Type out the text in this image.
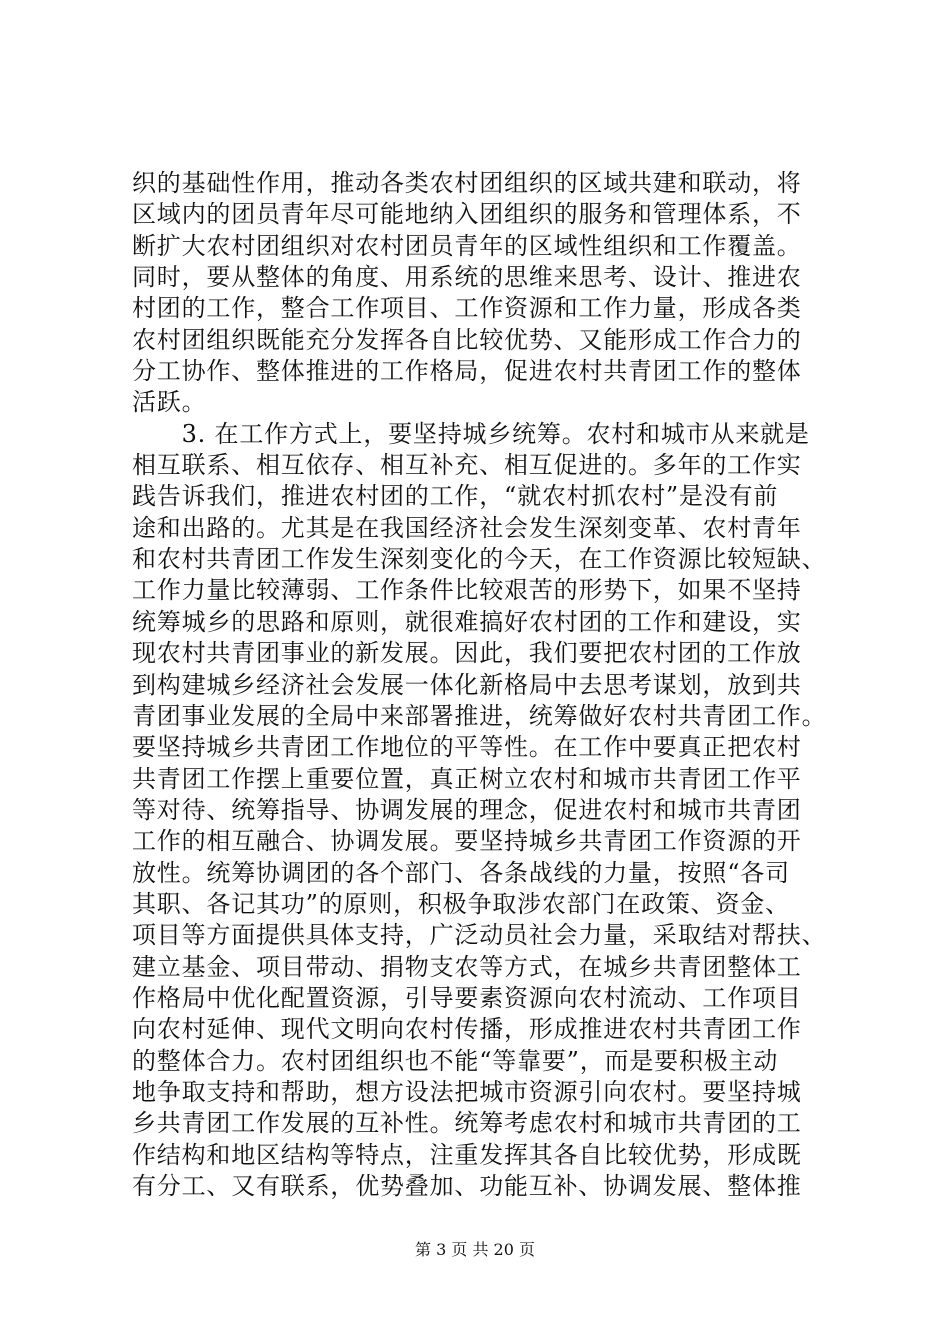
织的基础性作用，推动各类农村团组织的区域共建和联动，将
区域内的团员青年尽可能地纳入团组织的服务和管理体系，不
断扩大农村团组织对农村团员青年的区域性组织和工作覆盖。
同时，要从整体的角度、用系统的思维来思考、设计、推进农
村团的工作，整合工作项目、工作资源和工作力量，形成各类
农村团组织既能充分发挥各自比较优势、又能形成工作合力的
分工协作、整体推进的工作格局，促进农村共青团工作的整体
活跃。
　　3. 在工作方式上，要坚持城乡统筹。农村和城市从来就是
相互联系、相互依存、相互补充、相互促进的。多年的工作实
践告诉我们，推进农村团的工作，“就农村抓农村”是没有前
途和出路的。尤其是在我国经济社会发生深刻变革、农村青年
和农村共青团工作发生深刻变化的今天，在工作资源比较短缺、
工作力量比较薄弱、工作条件比较艰苦的形势下，如果不坚持
统筹城乡的思路和原则，就很难搞好农村团的工作和建设，实
现农村共青团事业的新发展。因此，我们要把农村团的工作放
到构建城乡经济社会发展一体化新格局中去思考谋划，放到共
青团事业发展的全局中来部署推进，统筹做好农村共青团工作。
要坚持城乡共青团工作地位的平等性。在工作中要真正把农村
共青团工作摆上重要位置，真正树立农村和城市共青团工作平
等对待、统筹指导、协调发展的理念，促进农村和城市共青团
工作的相互融合、协调发展。要坚持城乡共青团工作资源的开
放性。统筹协调团的各个部门、各条战线的力量，按照“各司
其职、各记其功”的原则，积极争取涉农部门在政策、资金、
项目等方面提供具体支持，广泛动员社会力量，采取结对帮扶、
建立基金、项目带动、捐物支农等方式，在城乡共青团整体工
作格局中优化配置资源，引导要素资源向农村流动、工作项目
向农村延伸、现代文明向农村传播，形成推进农村共青团工作
的整体合力。农村团组织也不能“等靠要”，而是要积极主动
地争取支持和帮助，想方设法把城市资源引向农村。要坚持城
乡共青团工作发展的互补性。统筹考虑农村和城市共青团的工
作结构和地区结构等特点，注重发挥其各自比较优势，形成既
有分工、又有联系，优势叠加、功能互补、协调发展、整体推
第 3 页 共 20 页
